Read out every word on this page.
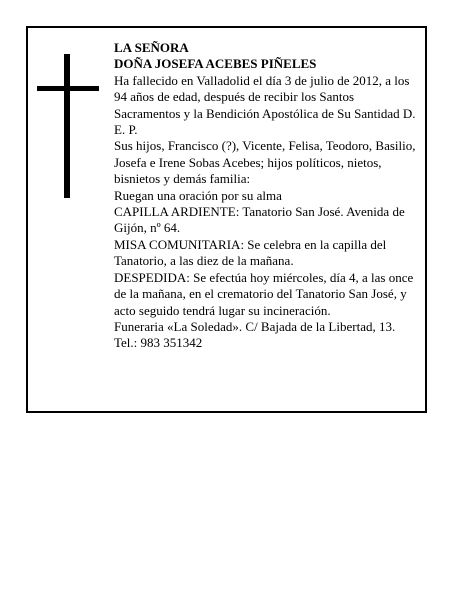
LA SEÑORA

DOÑA JOSEFA ACEBES PIÑELES

Ha fallecido en Valladolid el día 3 de julio de 2012, a los 94 años de edad, después de recibir los Santos Sacramentos y la Bendición Apostólica de Su Santidad D. E. P.

Sus hijos, Francisco (?), Vicente, Felisa, Teodoro, Basilio, Josefa e Irene Sobas Acebes; hijos políticos, nietos, bisnietos y demás familia:

Ruegan una oración por su alma

CAPILLA ARDIENTE: Tanatorio San José. Avenida de Gijón, nº 64.

MISA COMUNITARIA: Se celebra en la capilla del Tanatorio, a las diez de la mañana.

DESPEDIDA: Se efectúa hoy miércoles, día 4, a las once de la mañana, en el crematorio del Tanatorio San José, y acto seguido tendrá lugar su incineración.

Funeraria «La Soledad». C/ Bajada de la Libertad, 13.

Tel.: 983 351342
